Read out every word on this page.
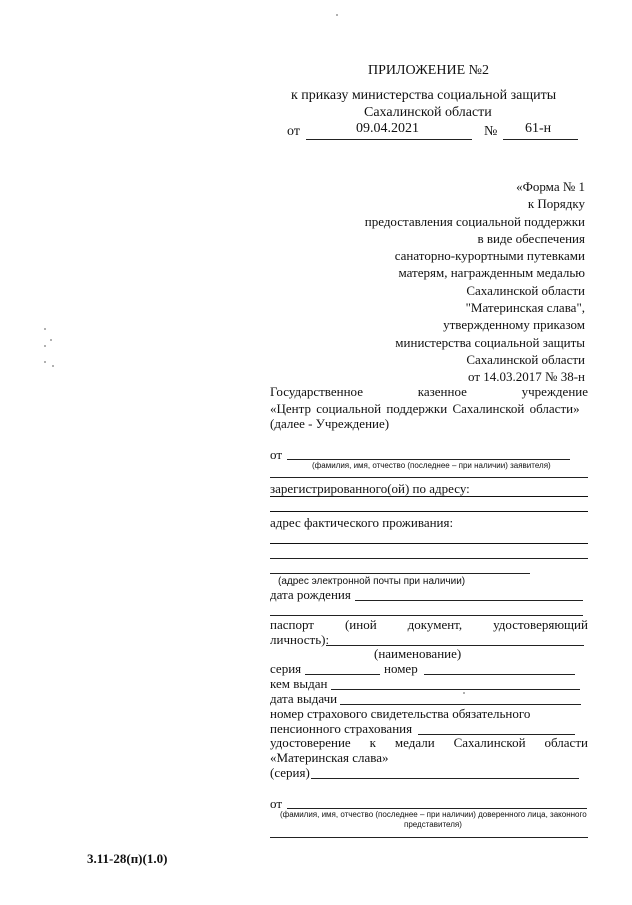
ПРИЛОЖЕНИЕ №2
к приказу министерства социальной защиты
Сахалинской области
от	09.04.2021	№ 61-н
«Форма № 1
к Порядку
предоставления социальной поддержки
в виде обеспечения
санаторно-курортными путевками
матерям, награжденным медалью
Сахалинской области
"Материнская слава",
утвержденному приказом
министерства социальной защиты
Сахалинской области
от 14.03.2017 № 38-н
Государственное	казенное	учреждение
«Центр социальной поддержки Сахалинской области»
(далее - Учреждение)
от
(фамилия, имя, отчество (последнее – при наличии) заявителя)
зарегистрированного(ой) по адресу:
адрес фактического проживания:
(адрес электронной почты при наличии)
дата рождения
паспорт (иной документ, удостоверяющий
личность):
(наименование)
серия	номер
кем выдан
дата выдачи
номер страхового свидетельства обязательного
пенсионного страхования
удостоверение к медали Сахалинской области
«Материнская слава»
(серия)
от
(фамилия, имя, отчество (последнее – при наличии) доверенного лица, законного
представителя)
3.11-28(п)(1.0)
